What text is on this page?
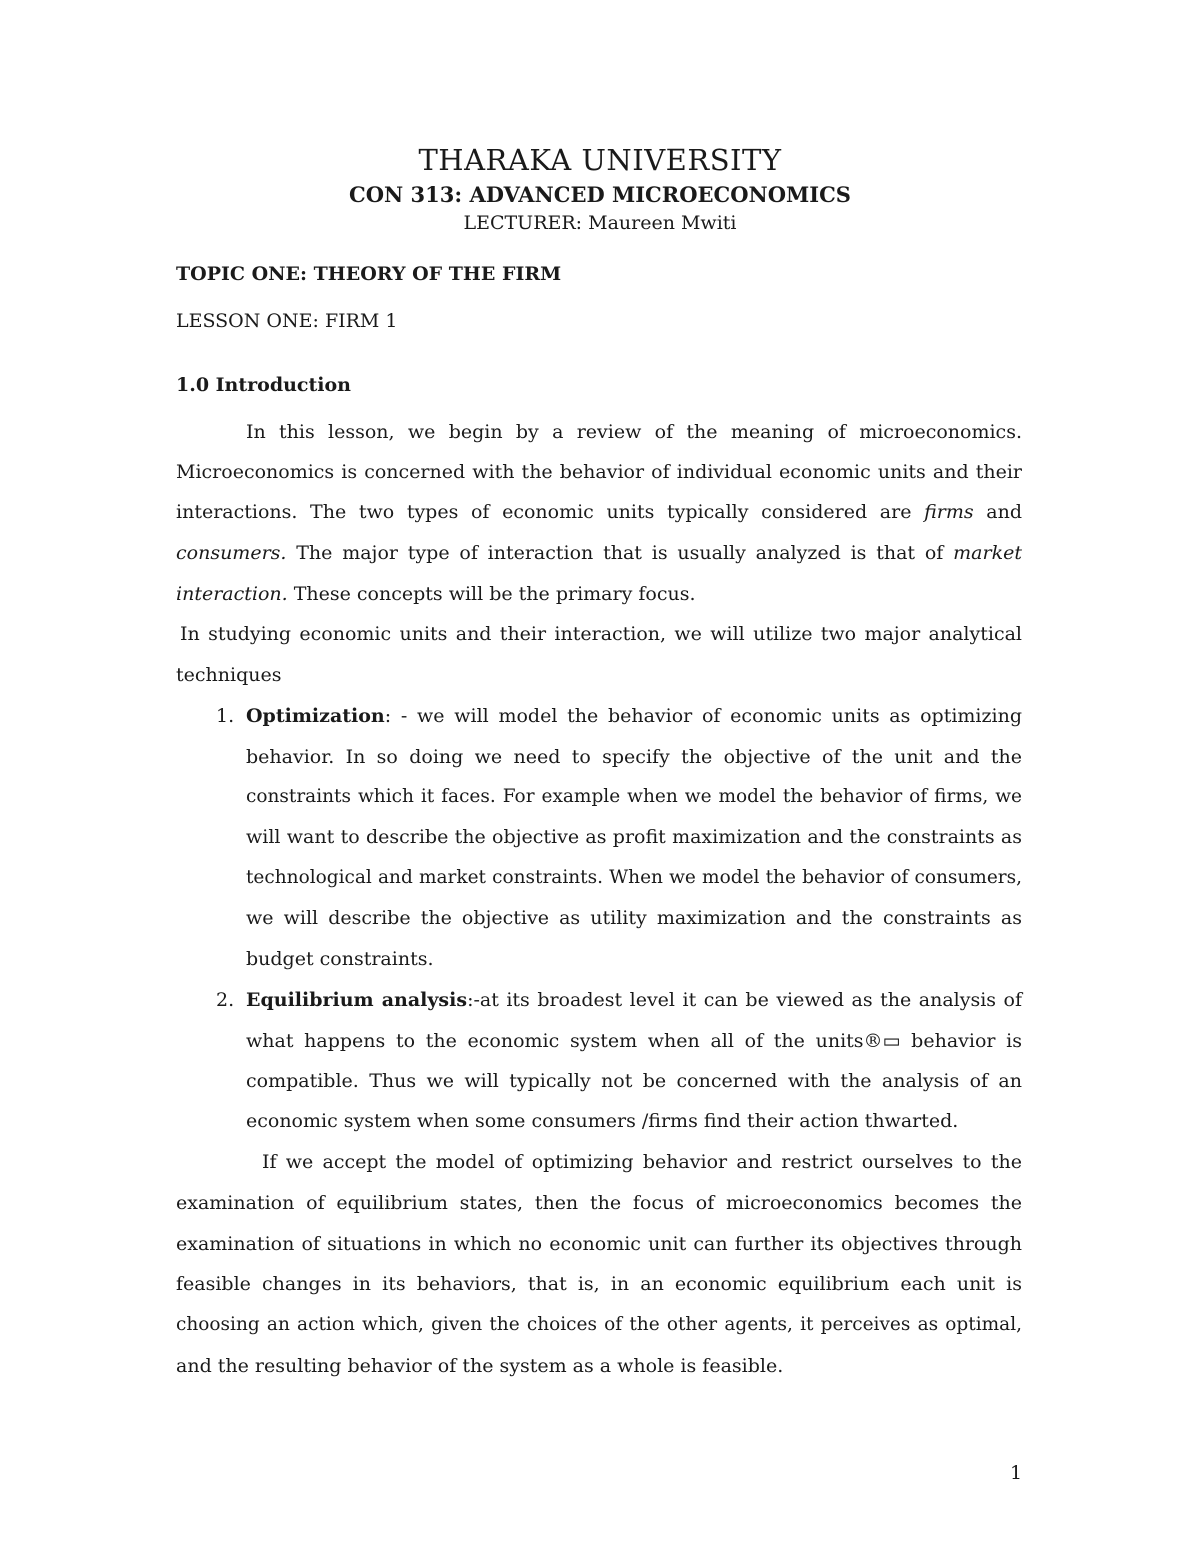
THARAKA UNIVERSITY
CON 313: ADVANCED MICROECONOMICS
LECTURER: Maureen Mwiti
TOPIC ONE: THEORY OF THE FIRM
LESSON ONE: FIRM 1
1.0 Introduction
In this lesson, we begin by a review of the meaning of microeconomics.
Microeconomics is concerned with the behavior of individual economic units and their
interactions. The two types of economic units typically considered are firms and
consumers. The major type of interaction that is usually analyzed is that of market
interaction. These concepts will be the primary focus.
In studying economic units and their interaction, we will utilize two major analytical
techniques
1. Optimization: - we will model the behavior of economic units as optimizing
behavior. In so doing we need to specify the objective of the unit and the
constraints which it faces. For example when we model the behavior of firms, we
will want to describe the objective as profit maximization and the constraints as
technological and market constraints. When we model the behavior of consumers,
we will describe the objective as utility maximization and the constraints as
budget constraints.
2. Equilibrium analysis:-at its broadest level it can be viewed as the analysis of
what happens to the economic system when all of the units®▭ behavior is
compatible. Thus we will typically not be concerned with the analysis of an
economic system when some consumers /firms find their action thwarted.
If we accept the model of optimizing behavior and restrict ourselves to the
examination of equilibrium states, then the focus of microeconomics becomes the
examination of situations in which no economic unit can further its objectives through
feasible changes in its behaviors, that is, in an economic equilibrium each unit is
choosing an action which, given the choices of the other agents, it perceives as optimal,
and the resulting behavior of the system as a whole is feasible.
1
